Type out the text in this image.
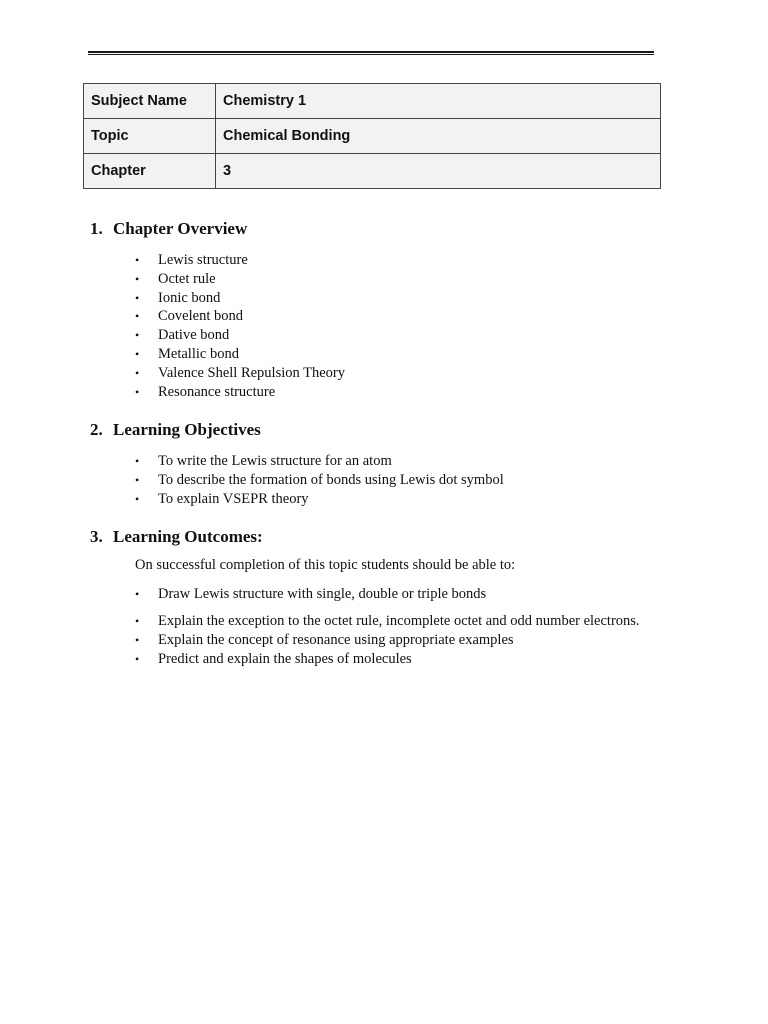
Subject Name	Chemistry 1
Topic	Chemical Bonding
Chapter	3
1. Chapter Overview
• Lewis structure
• Octet rule
• Ionic bond
• Covelent bond
• Dative bond
• Metallic bond
• Valence Shell Repulsion Theory
• Resonance structure
2. Learning Objectives
• To write the Lewis structure for an atom
• To describe the formation of bonds using Lewis dot symbol
• To explain VSEPR theory
3. Learning Outcomes:
On successful completion of this topic students should be able to:
• Draw Lewis structure with single, double or triple bonds
• Explain the exception to the octet rule, incomplete octet and odd number electrons.
• Explain the concept of resonance using appropriate examples
• Predict and explain the shapes of molecules
